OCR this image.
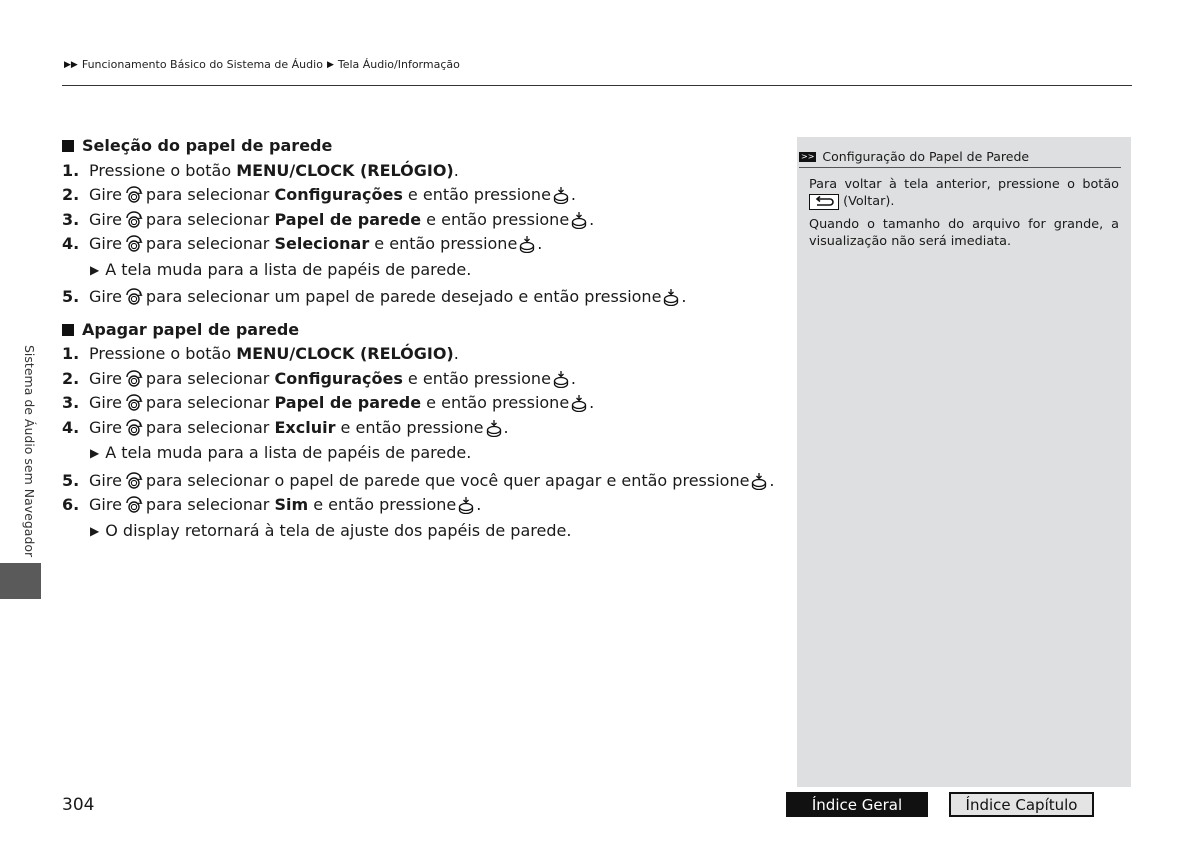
▶▶ Funcionamento Básico do Sistema de Áudio ▶ Tela Áudio/Informação
Sistema de Áudio sem Navegador
Seleção do papel de parede
1. Pressione o botão MENU/CLOCK (RELÓGIO) .
2. Gire para selecionar Configurações e então pressione .
3. Gire para selecionar Papel de parede e então pressione .
4. Gire para selecionar Selecionar e então pressione .
▶ A tela muda para a lista de papéis de parede.
5. Gire para selecionar um papel de parede desejado e então pressione .
Apagar papel de parede
1. Pressione o botão MENU/CLOCK (RELÓGIO) .
2. Gire para selecionar Configurações e então pressione .
3. Gire para selecionar Papel de parede e então pressione .
4. Gire para selecionar Excluir e então pressione .
▶ A tela muda para a lista de papéis de parede.
5. Gire para selecionar o papel de parede que você quer apagar e então pressione .
6. Gire para selecionar Sim e então pressione .
▶ O display retornará à tela de ajuste dos papéis de parede.
>> Configuração do Papel de Parede

Para voltar à tela anterior, pressione o botão  (Voltar).

Quando o tamanho do arquivo for grande, a visualização não será imediata.

304	Índice Geral	Índice Capítulo
